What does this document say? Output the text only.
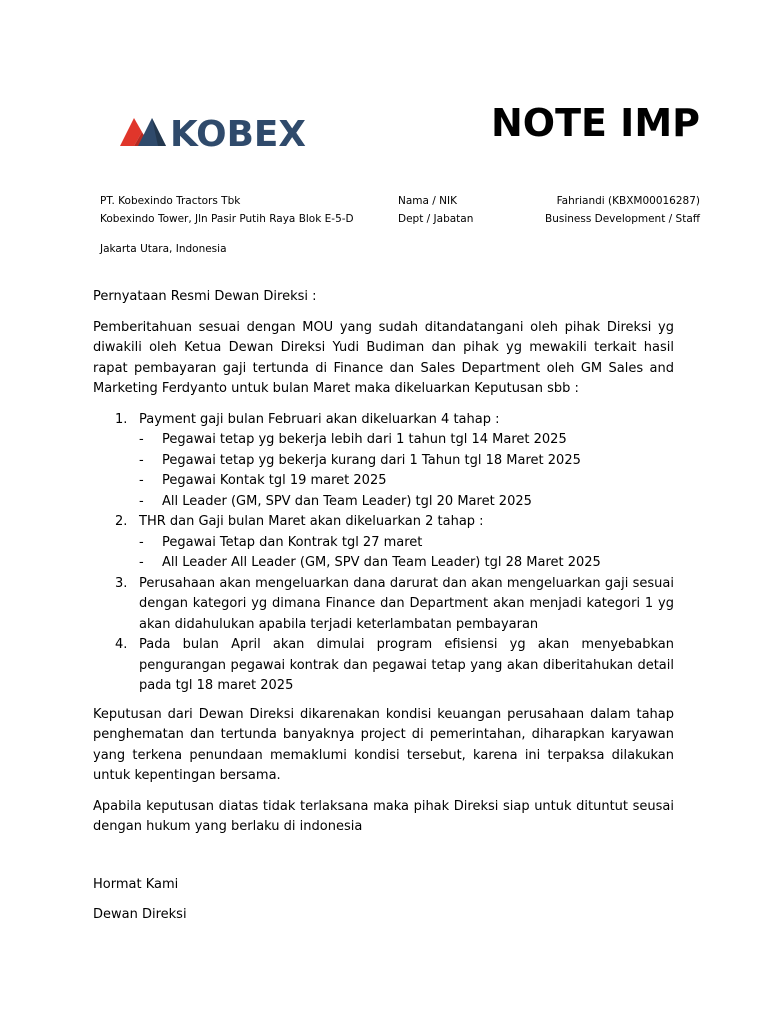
KOBEX	NOTE IMP
PT. Kobexindo Tractors Tbk
Kobexindo Tower, Jln Pasir Putih Raya Blok E-5-D
Jakarta Utara, Indonesia
Nama / NIK
Dept / Jabatan
Fahriandi (KBXM00016287)
Business Development / Staff

Pernyataan Resmi Dewan Direksi :

Pemberitahuan sesuai dengan MOU yang sudah ditandatangani oleh pihak Direksi yg diwakili oleh Ketua Dewan Direksi Yudi Budiman dan pihak yg mewakili terkait hasil rapat pembayaran gaji tertunda di Finance dan Sales Department oleh GM Sales and Marketing Ferdyanto untuk bulan Maret maka dikeluarkan Keputusan sbb :

1. Payment gaji bulan Februari akan dikeluarkan 4 tahap :
- Pegawai tetap yg bekerja lebih dari 1 tahun tgl 14 Maret 2025
- Pegawai tetap yg bekerja kurang dari 1 Tahun tgl 18 Maret 2025
- Pegawai Kontak tgl 19 maret 2025
- All Leader (GM, SPV dan Team Leader) tgl 20 Maret 2025
2. THR dan Gaji bulan Maret akan dikeluarkan 2 tahap :
- Pegawai Tetap dan Kontrak tgl 27 maret
- All Leader All Leader (GM, SPV dan Team Leader) tgl 28 Maret 2025
3. Perusahaan akan mengeluarkan dana darurat dan akan mengeluarkan gaji sesuai dengan kategori yg dimana Finance dan Department akan menjadi kategori 1 yg akan didahulukan apabila terjadi keterlambatan pembayaran
4. Pada bulan April akan dimulai program efisiensi yg akan menyebabkan pengurangan pegawai kontrak dan pegawai tetap yang akan diberitahukan detail pada tgl 18 maret 2025

Keputusan dari Dewan Direksi dikarenakan kondisi keuangan perusahaan dalam tahap penghematan dan tertunda banyaknya project di pemerintahan, diharapkan karyawan yang terkena penundaan memaklumi kondisi tersebut, karena ini terpaksa dilakukan untuk kepentingan bersama.

Apabila keputusan diatas tidak terlaksana maka pihak Direksi siap untuk dituntut seusai dengan hukum yang berlaku di indonesia

Hormat Kami
Dewan Direksi
